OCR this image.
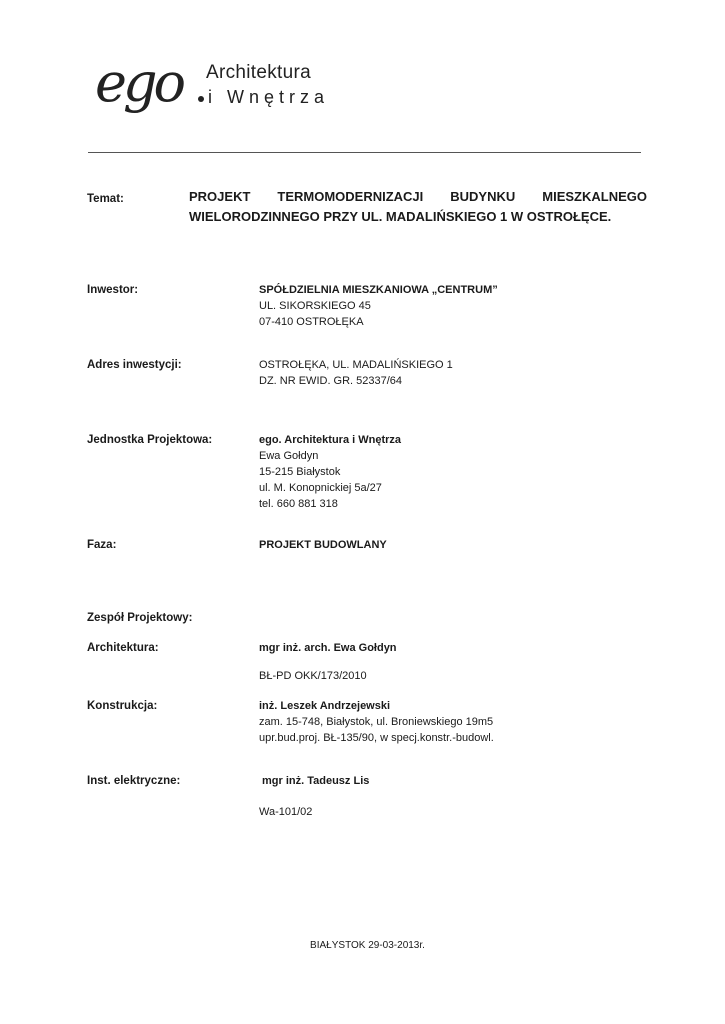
ego Architektura
i Wnętrza
Temat:	PROJEKT TERMOMODERNIZACJI BUDYNKU MIESZKALNEGO
WIELORODZINNEGO PRZY UL. MADALIŃSKIEGO 1 W OSTROŁĘCE.
Inwestor:	SPÓŁDZIELNIA MIESZKANIOWA „CENTRUM”
UL. SIKORSKIEGO 45
07-410 OSTROŁĘKA
Adres inwestycji:	OSTROŁĘKA, UL. MADALIŃSKIEGO 1
DZ. NR EWID. GR. 52337/64
Jednostka Projektowa:	ego. Architektura i Wnętrza
Ewa Gołdyn
15-215 Białystok
ul. M. Konopnickiej 5a/27
tel. 660 881 318
Faza:	PROJEKT BUDOWLANY
Zespół Projektowy:
Architektura:	mgr inż. arch. Ewa Gołdyn
BŁ-PD OKK/173/2010
Konstrukcja:	inż. Leszek Andrzejewski
zam. 15-748, Białystok, ul. Broniewskiego 19m5
upr.bud.proj. BŁ-135/90, w specj.konstr.-budowl.
Inst. elektryczne:	mgr inż. Tadeusz Lis
Wa-101/02
BIAŁYSTOK 29-03-2013r.
